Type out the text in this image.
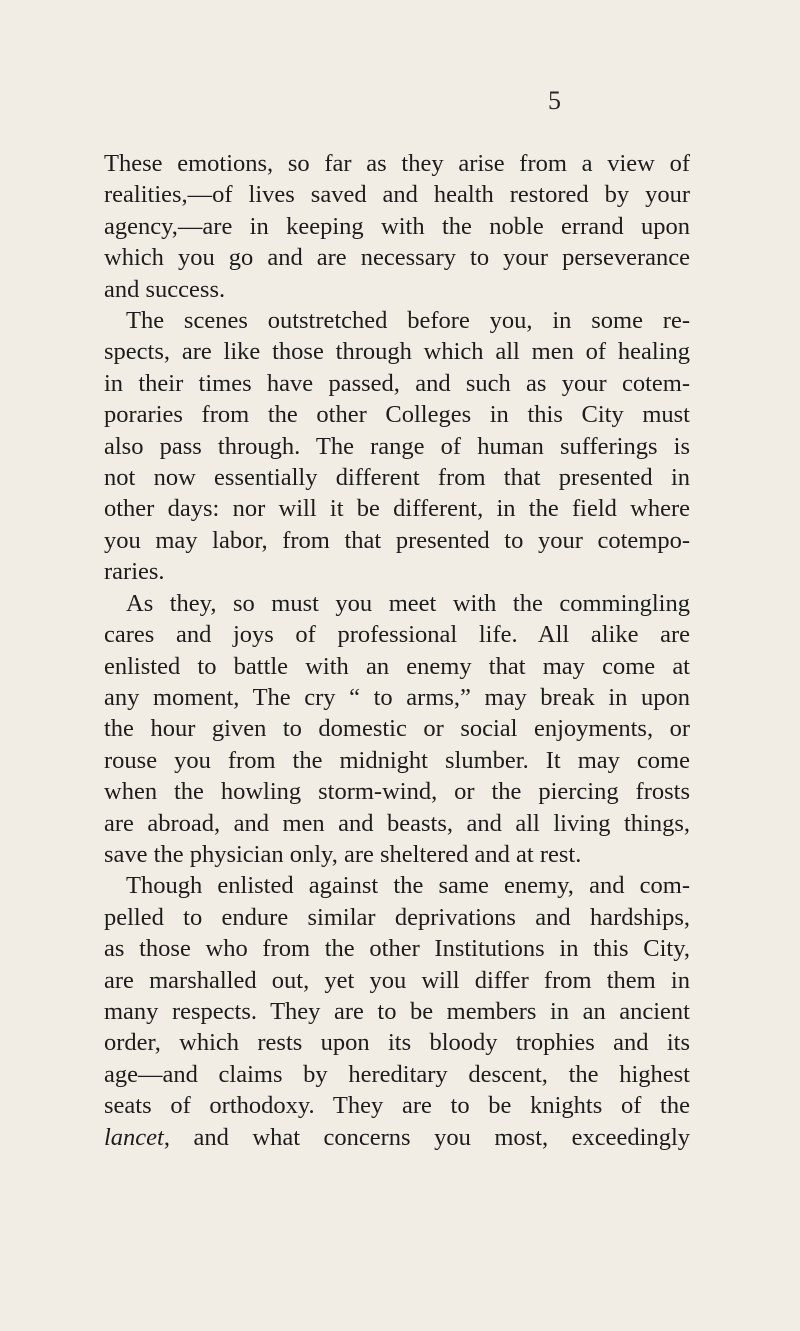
5

These emotions, so far as they arise from a view of
realities,—of lives saved and health restored by your
agency,—are in keeping with the noble errand upon
which you go and are necessary to your perseverance
and success.

The scenes outstretched before you, in some re-
spects, are like those through which all men of healing
in their times have passed, and such as your cotem-
poraries from the other Colleges in this City must
also pass through. The range of human sufferings is
not now essentially different from that presented in
other days: nor will it be different, in the field where
you may labor, from that presented to your cotempo-
raries.

As they, so must you meet with the commingling
cares and joys of professional life. All alike are
enlisted to battle with an enemy that may come at
any moment, The cry “ to arms,” may break in upon
the hour given to domestic or social enjoyments, or
rouse you from the midnight slumber. It may come
when the howling storm-wind, or the piercing frosts
are abroad, and men and beasts, and all living things,
save the physician only, are sheltered and at rest.

Though enlisted against the same enemy, and com-
pelled to endure similar deprivations and hardships,
as those who from the other Institutions in this City,
are marshalled out, yet you will differ from them in
many respects. They are to be members in an ancient
order, which rests upon its bloody trophies and its
age—and claims by hereditary descent, the highest
seats of orthodoxy. They are to be knights of the
lancet, and what concerns you most, exceedingly
